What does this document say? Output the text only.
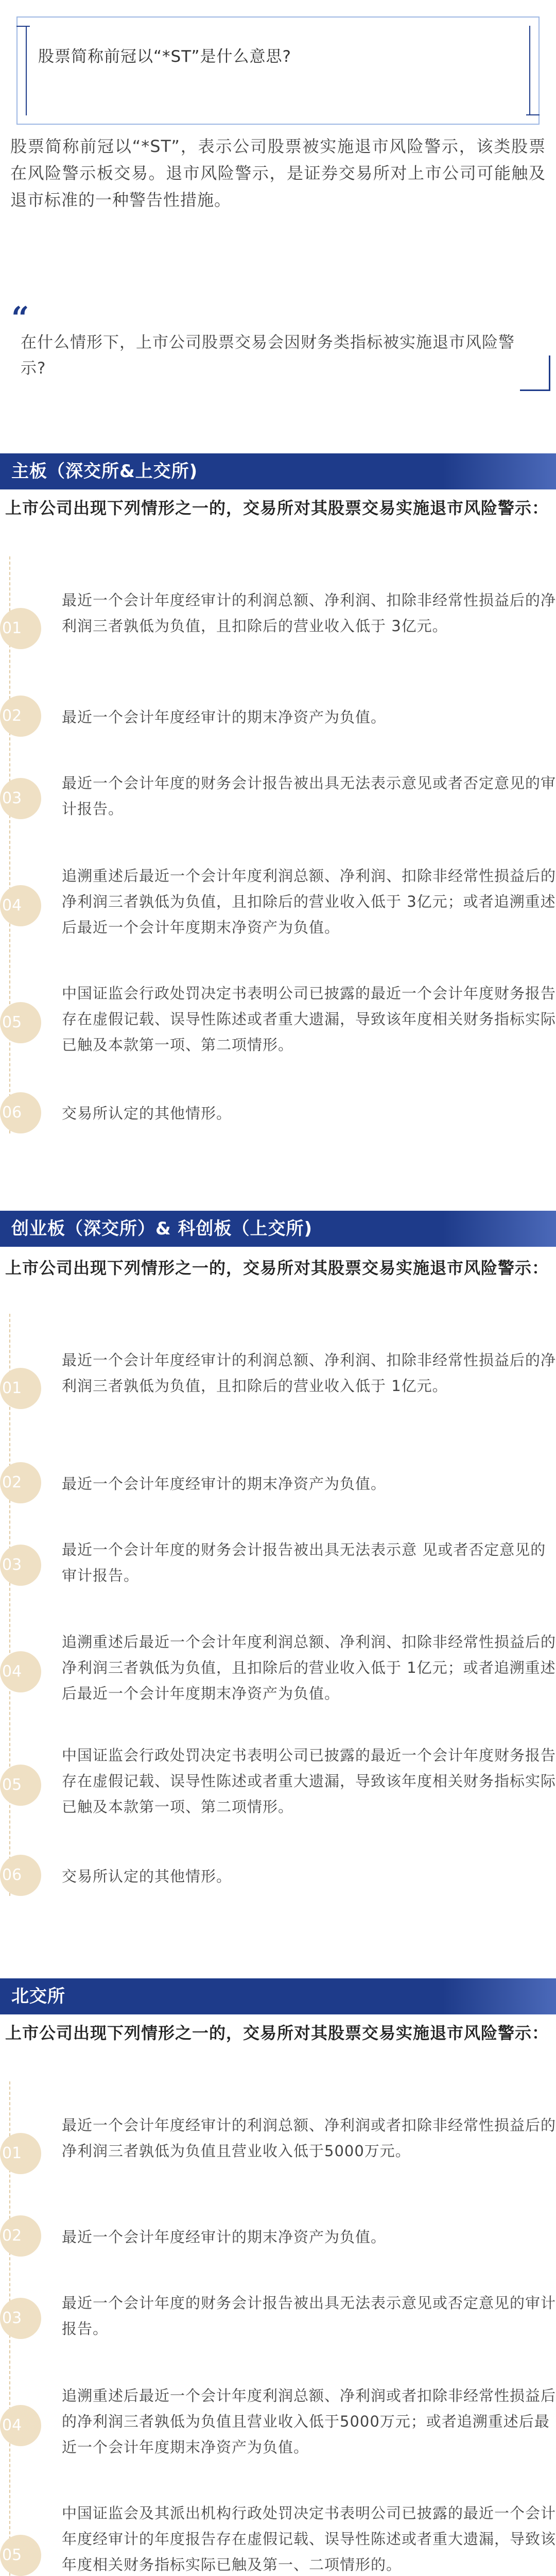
股票简称前冠以“*ST”是什么意思?
股票简称前冠以“*ST”，表示公司股票被实施退市风险警示，该类股票在风险警示板交易。退市风险警示，是证券交易所对上市公司可能触及退市标准的一种警告性措施。
“
在什么情形下，上市公司股票交易会因财务类指标被实施退市风险警示?
主板（深交所&上交所)
上市公司出现下列情形之一的，交易所对其股票交易实施退市风险警示：
01
最近一个会计年度经审计的利润总额、净利润、扣除非经常性损益后的净利润三者孰低为负值，且扣除后的营业收入低于 3亿元。
02	最近一个会计年度经审计的期末净资产为负值。
03
最近一个会计年度的财务会计报告被出具无法表示意见或者否定意见的审计报告。
04
追溯重述后最近一个会计年度利润总额、净利润、扣除非经常性损益后的净利润三者孰低为负值，且扣除后的营业收入低于 3亿元；或者追溯重述后最近一个会计年度期末净资产为负值。
05
中国证监会行政处罚决定书表明公司已披露的最近一个会计年度财务报告存在虚假记载、误导性陈述或者重大遗漏，导致该年度相关财务指标实际已触及本款第一项、第二项情形。
06	交易所认定的其他情形。
创业板（深交所）& 科创板（上交所)
上市公司出现下列情形之一的，交易所对其股票交易实施退市风险警示：
01
最近一个会计年度经审计的利润总额、净利润、扣除非经常性损益后的净利润三者孰低为负值，且扣除后的营业收入低于 1亿元。
02	最近一个会计年度经审计的期末净资产为负值。
03
最近一个会计年度的财务会计报告被出具无法表示意 见或者否定意见的审计报告。
04
追溯重述后最近一个会计年度利润总额、净利润、扣除非经常性损益后的净利润三者孰低为负值，且扣除后的营业收入低于 1亿元；或者追溯重述后最近一个会计年度期末净资产为负值。
05
中国证监会行政处罚决定书表明公司已披露的最近一个会计年度财务报告存在虚假记载、误导性陈述或者重大遗漏，导致该年度相关财务指标实际已触及本款第一项、第二项情形。
06	交易所认定的其他情形。
北交所
上市公司出现下列情形之一的，交易所对其股票交易实施退市风险警示：
01
最近一个会计年度经审计的利润总额、净利润或者扣除非经常性损益后的净利润三者孰低为负值且营业收入低于5000万元。
02	最近一个会计年度经审计的期末净资产为负值。
03
最近一个会计年度的财务会计报告被出具无法表示意见或否定意见的审计报告。
04
追溯重述后最近一个会计年度利润总额、净利润或者扣除非经常性损益后的净利润三者孰低为负值且营业收入低于5000万元；或者追溯重述后最近一个会计年度期末净资产为负值。
05
中国证监会及其派出机构行政处罚决定书表明公司已披露的最近一个会计年度经审计的年度报告存在虚假记载、误导性陈述或者重大遗漏，导致该年度相关财务指标实际已触及第一、二项情形的。
